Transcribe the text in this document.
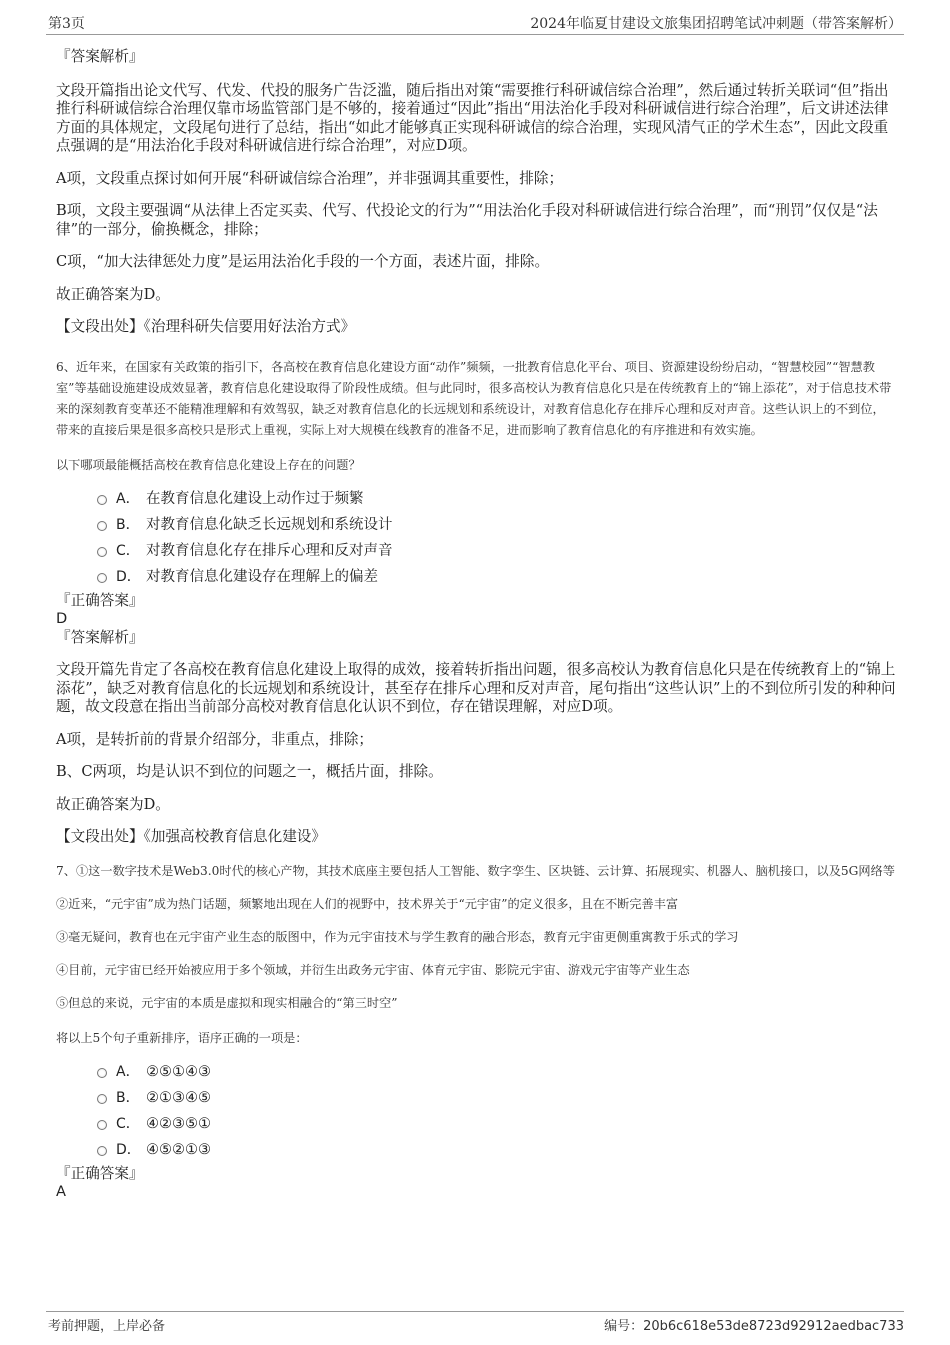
第3页	2024年临夏甘建设文旅集团招聘笔试冲刺题（带答案解析）

『答案解析』

文段开篇指出论文代写、代发、代投的服务广告泛滥，随后指出对策“需要推行科研诚信综合治理”，然后通过转折关联词“但”指出推行科研诚信综合治理仅靠市场监管部门是不够的，接着通过“因此”指出“用法治化手段对科研诚信进行综合治理”，后文讲述法律方面的具体规定，文段尾句进行了总结，指出“如此才能够真正实现科研诚信的综合治理，实现风清气正的学术生态”，因此文段重点强调的是“用法治化手段对科研诚信进行综合治理”，对应D项。

A项，文段重点探讨如何开展“科研诚信综合治理”，并非强调其重要性，排除；

B项，文段主要强调“从法律上否定买卖、代写、代投论文的行为”“用法治化手段对科研诚信进行综合治理”，而“刑罚”仅仅是“法律”的一部分，偷换概念，排除；

C项，“加大法律惩处力度”是运用法治化手段的一个方面，表述片面，排除。

故正确答案为D。

【文段出处】《治理科研失信要用好法治方式》

6、近年来，在国家有关政策的指引下，各高校在教育信息化建设方面“动作”频频，一批教育信息化平台、项目、资源建设纷纷启动，“智慧校园”“智慧教室”等基础设施建设成效显著，教育信息化建设取得了阶段性成绩。但与此同时，很多高校认为教育信息化只是在传统教育上的“锦上添花”，对于信息技术带来的深刻教育变革还不能精准理解和有效驾驭，缺乏对教育信息化的长远规划和系统设计，对教育信息化存在排斥心理和反对声音。这些认识上的不到位，带来的直接后果是很多高校只是形式上重视，实际上对大规模在线教育的准备不足，进而影响了教育信息化的有序推进和有效实施。

以下哪项最能概括高校在教育信息化建设上存在的问题？

A． 在教育信息化建设上动作过于频繁
B． 对教育信息化缺乏长远规划和系统设计
C． 对教育信息化存在排斥心理和反对声音
D． 对教育信息化建设存在理解上的偏差

『正确答案』

D

『答案解析』

文段开篇先肯定了各高校在教育信息化建设上取得的成效，接着转折指出问题，很多高校认为教育信息化只是在传统教育上的“锦上添花”，缺乏对教育信息化的长远规划和系统设计，甚至存在排斥心理和反对声音，尾句指出“这些认识”上的不到位所引发的种种问题，故文段意在指出当前部分高校对教育信息化认识不到位，存在错误理解，对应D项。

A项，是转折前的背景介绍部分，非重点，排除；

B、C两项，均是认识不到位的问题之一，概括片面，排除。

故正确答案为D。

【文段出处】《加强高校教育信息化建设》

7、①这一数字技术是Web3.0时代的核心产物，其技术底座主要包括人工智能、数字孪生、区块链、云计算、拓展现实、机器人、脑机接口，以及5G网络等

②近来，“元宇宙”成为热门话题，频繁地出现在人们的视野中，技术界关于“元宇宙”的定义很多，且在不断完善丰富

③毫无疑问，教育也在元宇宙产业生态的版图中，作为元宇宙技术与学生教育的融合形态，教育元宇宙更侧重寓教于乐式的学习

④目前，元宇宙已经开始被应用于多个领域，并衍生出政务元宇宙、体育元宇宙、影院元宇宙、游戏元宇宙等产业生态

⑤但总的来说，元宇宙的本质是虚拟和现实相融合的“第三时空”

将以上5个句子重新排序，语序正确的一项是：

A． ②⑤①④③
B． ②①③④⑤
C． ④②③⑤①
D． ④⑤②①③

『正确答案』

A

考前押题，上岸必备	编号：20b6c618e53de8723d92912aedbac733
